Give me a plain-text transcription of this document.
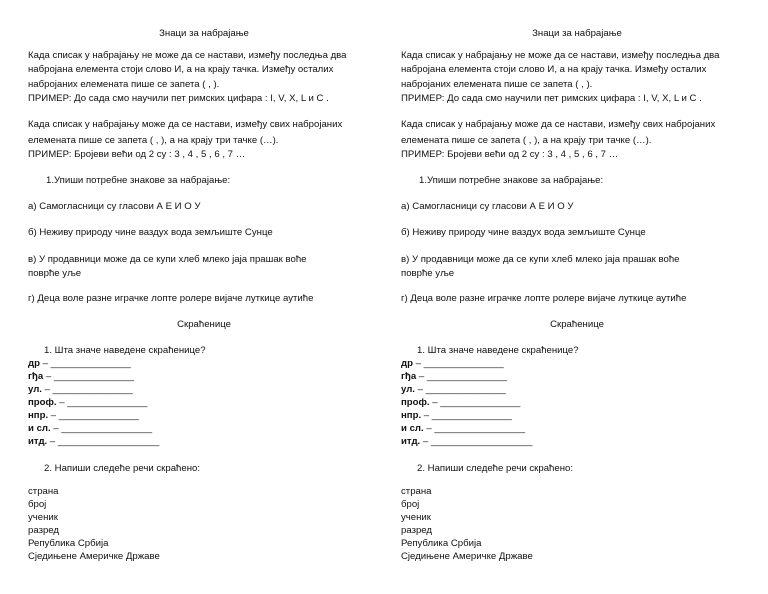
Знаци за набрајање
Када списак у набрајању не може да се настави, између последња два
набројана елемента стоји слово И, а на крају тачка. Између осталих
набројаних елемената пише се запета ( , ).
ПРИМЕР: До сада смо научили пет римских цифара : I, V, X, L и C .
Када списак у набрајању може да се настави, између свих набројаних
елемената пише се запета ( , ), а на крају три тачке (…).
ПРИМЕР: Бројеви већи од 2 су : 3 , 4 , 5 , 6 , 7 …
1.Упиши потребне знакове за набрајање:
а) Самогласници су гласови А Е И О У
б) Неживу природу чине ваздух вода земљиште Сунце
в) У продавници може да се купи хлеб млеко јаја прашак воће
поврће уље
г) Деца воле разне играчке лопте ролере вијаче луткице аутиће
Скраћенице
1. Шта значе наведене скраћенице?
др – _______________
гђа – _______________
ул. – _______________
проф. – _______________
нпр. – _______________
и сл. – _________________
итд. – ___________________
2. Напиши следеће речи скраћено:
страна
број
ученик
разред
Република Србија
Сједињене Америчке Државе
Знаци за набрајање
Када списак у набрајању не може да се настави, између последња два
набројана елемента стоји слово И, а на крају тачка. Између осталих
набројаних елемената пише се запета ( , ).
ПРИМЕР: До сада смо научили пет римских цифара : I, V, X, L и C .
Када списак у набрајању може да се настави, између свих набројаних
елемената пише се запета ( , ), а на крају три тачке (…).
ПРИМЕР: Бројеви већи од 2 су : 3 , 4 , 5 , 6 , 7 …
1.Упиши потребне знакове за набрајање:
а) Самогласници су гласови А Е И О У
б) Неживу природу чине ваздух вода земљиште Сунце
в) У продавници може да се купи хлеб млеко јаја прашак воће
поврће уље
г) Деца воле разне играчке лопте ролере вијаче луткице аутиће
Скраћенице
1. Шта значе наведене скраћенице?
др – _______________
гђа – _______________
ул. – _______________
проф. – _______________
нпр. – _______________
и сл. – _________________
итд. – ___________________
2. Напиши следеће речи скраћено:
страна
број
ученик
разред
Република Србија
Сједињене Америчке Државе
